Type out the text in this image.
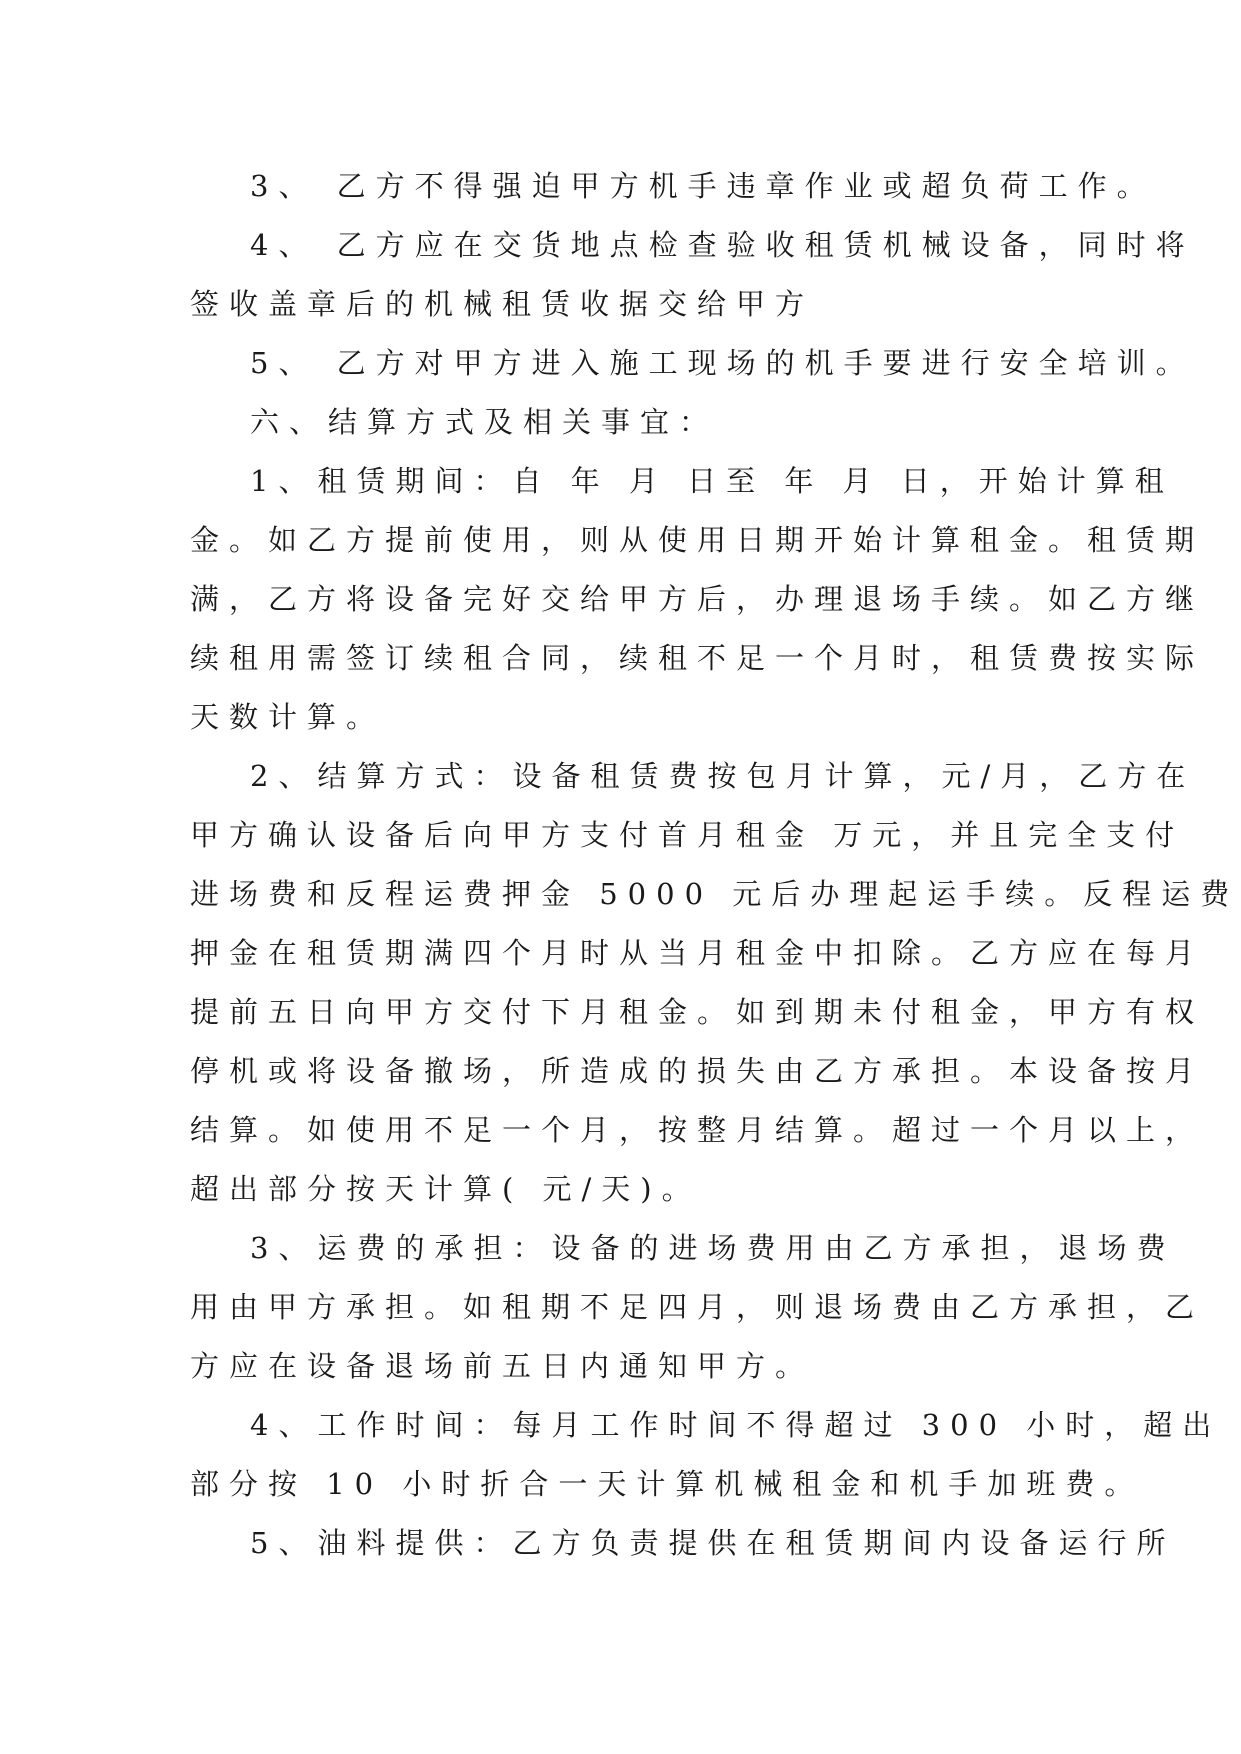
3、 乙方不得强迫甲方机手违章作业或超负荷工作。
4、 乙方应在交货地点检查验收租赁机械设备，同时将
签收盖章后的机械租赁收据交给甲方
5、 乙方对甲方进入施工现场的机手要进行安全培训。
六、结算方式及相关事宜：
1、租赁期间：自 年 月 日至 年 月 日，开始计算租
金。如乙方提前使用，则从使用日期开始计算租金。租赁期
满，乙方将设备完好交给甲方后，办理退场手续。如乙方继
续租用需签订续租合同，续租不足一个月时，租赁费按实际
天数计算。
2、结算方式：设备租赁费按包月计算，元/月，乙方在
甲方确认设备后向甲方支付首月租金 万元，并且完全支付
进场费和反程运费押金 5000 元后办理起运手续。反程运费
押金在租赁期满四个月时从当月租金中扣除。乙方应在每月
提前五日向甲方交付下月租金。如到期未付租金，甲方有权
停机或将设备撤场，所造成的损失由乙方承担。本设备按月
结算。如使用不足一个月，按整月结算。超过一个月以上，
超出部分按天计算( 元/天)。
3、运费的承担：设备的进场费用由乙方承担，退场费
用由甲方承担。如租期不足四月，则退场费由乙方承担，乙
方应在设备退场前五日内通知甲方。
4、工作时间：每月工作时间不得超过 300 小时，超出
部分按 10 小时折合一天计算机械租金和机手加班费。
5、油料提供：乙方负责提供在租赁期间内设备运行所
